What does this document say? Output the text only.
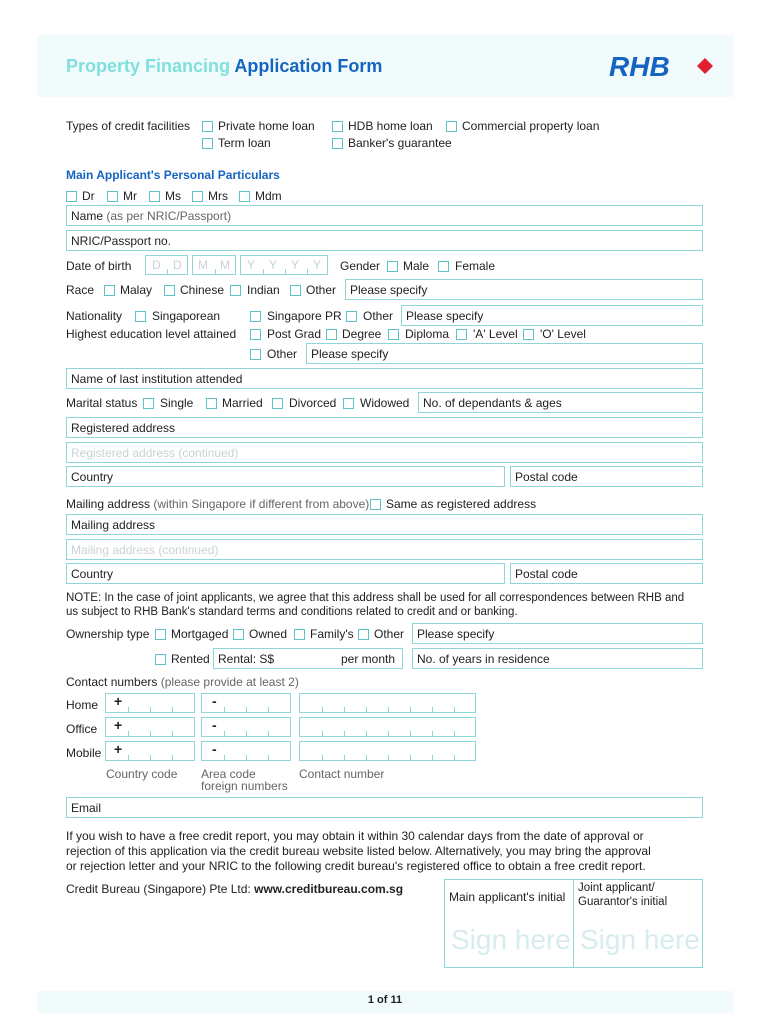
Property Financing Application Form	RHB
Types of credit facilities Private home loan	HDB home loan Commercial property loan
Term loan	Banker's guarantee
Main Applicant's Personal Particulars
Dr Mr Ms Mrs Mdm
Name (as per NRIC/Passport)
NRIC/Passport no.
Date of birth D D M M Y Y Y Y Gender Male Female
Race Malay Chinese Indian Other Please specify
Nationality Singaporean	Singapore PR Other Please specify
Highest education level attained	Post Grad Degree Diploma 'A' Level 'O' Level
Other Please specify
Name of last institution attended
Marital status Single Married Divorced Widowed No. of dependants & ages
Registered address
Registered address (continued)
Country	Postal code
Mailing address (within Singapore if different from above) Same as registered address
Mailing address
Mailing address (continued)
Country	Postal code
NOTE: In the case of joint applicants, we agree that this address shall be used for all correspondences between RHB and
us subject to RHB Bank's standard terms and conditions related to credit and or banking.
Ownership type Mortgaged Owned Family's Other Please specify
Rented Rental: S$	per month No. of years in residence
Contact numbers (please provide at least 2)
Home +	-
Office +	-
Mobile +	-
Country code Area code
foreign numbers
Contact number
Email
If you wish to have a free credit report, you may obtain it within 30 calendar days from the date of approval or
rejection of this application via the credit bureau website listed below. Alternatively, you may bring the approval
or rejection letter and your NRIC to the following credit bureau's registered office to obtain a free credit report.
Credit Bureau (Singapore) Pte Ltd: www.creditbureau.com.sg
Main applicant's initial
Sign here
Joint applicant/
Guarantor's initial
Sign here
1 of 11
